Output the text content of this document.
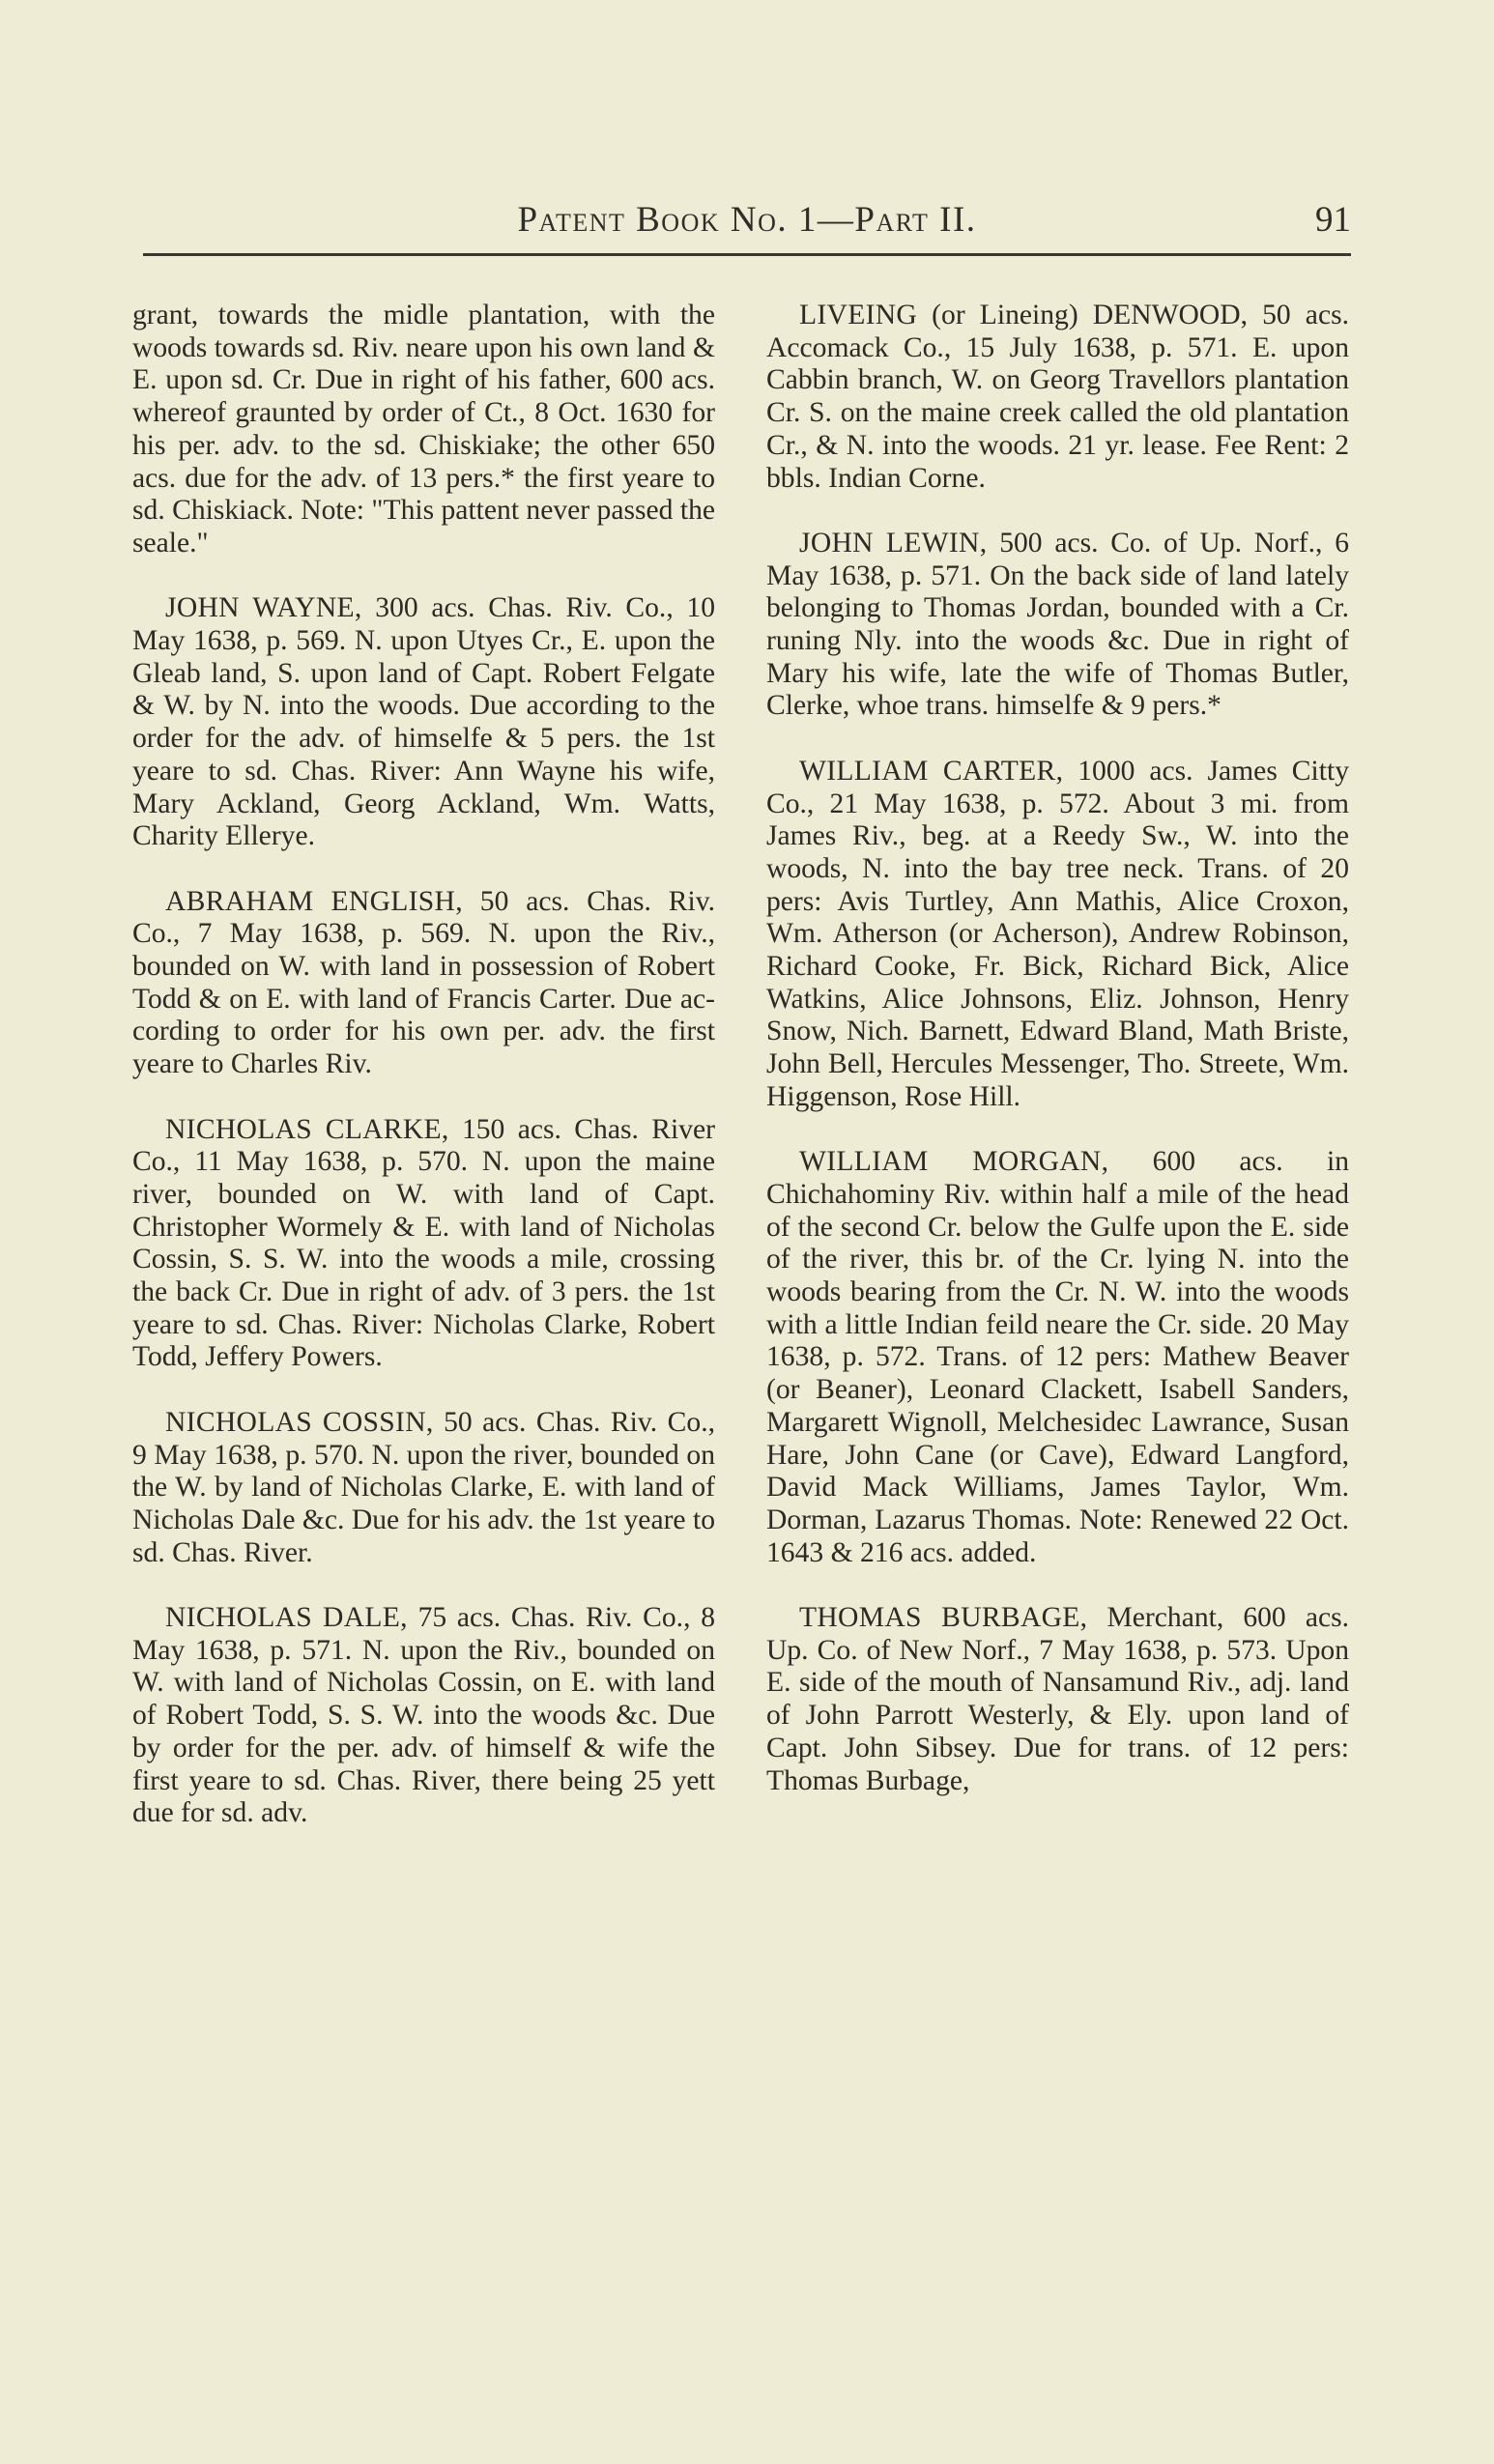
Patent Book No. 1—Part II.	91

grant, towards the midle plantation, with the woods towards sd. Riv. neare upon his own land & E. upon sd. Cr. Due in right of his father, 600 acs. whereof graunted by order of Ct., 8 Oct. 1630 for his per. adv. to the sd. Chiskiake; the other 650 acs. due for the adv. of 13 pers.* the first yeare to sd. Chiskiack. Note: "This pattent never passed the seale."

JOHN WAYNE, 300 acs. Chas. Riv. Co., 10 May 1638, p. 569. N. upon Utyes Cr., E. upon the Gleab land, S. upon land of Capt. Robert Felgate & W. by N. into the woods. Due according to the order for the adv. of himselfe & 5 pers. the 1st yeare to sd. Chas. River: Ann Wayne his wife, Mary Ackland, Georg Ackland, Wm. Watts, Charity Ellerye.

ABRAHAM ENGLISH, 50 acs. Chas. Riv. Co., 7 May 1638, p. 569. N. upon the Riv., bounded on W. with land in possession of Robert Todd & on E. with land of Francis Carter. Due according to order for his own per. adv. the first yeare to Charles Riv.

NICHOLAS CLARKE, 150 acs. Chas. River Co., 11 May 1638, p. 570. N. upon the maine river, bounded on W. with land of Capt. Christopher Wormely & E. with land of Nicholas Cossin, S. S. W. into the woods a mile, crossing the back Cr. Due in right of adv. of 3 pers. the 1st yeare to sd. Chas. River: Nicholas Clarke, Robert Todd, Jeffery Powers.

NICHOLAS COSSIN, 50 acs. Chas. Riv. Co., 9 May 1638, p. 570. N. upon the river, bounded on the W. by land of Nicholas Clarke, E. with land of Nicholas Dale &c. Due for his adv. the 1st yeare to sd. Chas. River.

NICHOLAS DALE, 75 acs. Chas. Riv. Co., 8 May 1638, p. 571. N. upon the Riv., bounded on W. with land of Nicholas Cossin, on E. with land of Robert Todd, S. S. W. into the woods &c. Due by order for the per. adv. of himself & wife the first yeare to sd. Chas. River, there being 25 yett due for sd. adv.

LIVEING (or Lineing) DENWOOD, 50 acs. Accomack Co., 15 July 1638, p. 571. E. upon Cabbin branch, W. on Georg Travellors plantation Cr. S. on the maine creek called the old plantation Cr., & N. into the woods. 21 yr. lease. Fee Rent: 2 bbls. Indian Corne.

JOHN LEWIN, 500 acs. Co. of Up. Norf., 6 May 1638, p. 571. On the back side of land lately belonging to Thomas Jordan, bounded with a Cr. runing Nly. into the woods &c. Due in right of Mary his wife, late the wife of Thomas Butler, Clerke, whoe trans. himselfe & 9 pers.*

WILLIAM CARTER, 1000 acs. James Citty Co., 21 May 1638, p. 572. About 3 mi. from James Riv., beg. at a Reedy Sw., W. into the woods, N. into the bay tree neck. Trans. of 20 pers: Avis Turtley, Ann Mathis, Alice Croxon, Wm. Atherson (or Acherson), Andrew Robinson, Richard Cooke, Fr. Bick, Richard Bick, Alice Watkins, Alice Johnsons, Eliz. Johnson, Henry Snow, Nich. Barnett, Edward Bland, Math Briste, John Bell, Hercules Messenger, Tho. Streete, Wm. Higgenson, Rose Hill.

WILLIAM MORGAN, 600 acs. in Chichahominy Riv. within half a mile of the head of the second Cr. below the Gulfe upon the E. side of the river, this br. of the Cr. lying N. into the woods bearing from the Cr. N. W. into the woods with a little Indian feild neare the Cr. side. 20 May 1638, p. 572. Trans. of 12 pers: Mathew Beaver (or Beaner), Leonard Clackett, Isabell Sanders, Margarett Wignoll, Melchesidec Lawrance, Susan Hare, John Cane (or Cave), Edward Langford, David Mack Williams, James Taylor, Wm. Dorman, Lazarus Thomas. Note: Renewed 22 Oct. 1643 & 216 acs. added.

THOMAS BURBAGE, Merchant, 600 acs. Up. Co. of New Norf., 7 May 1638, p. 573. Upon E. side of the mouth of Nansamund Riv., adj. land of John Parrott Westerly, & Ely. upon land of Capt. John Sibsey. Due for trans. of 12 pers: Thomas Burbage,
